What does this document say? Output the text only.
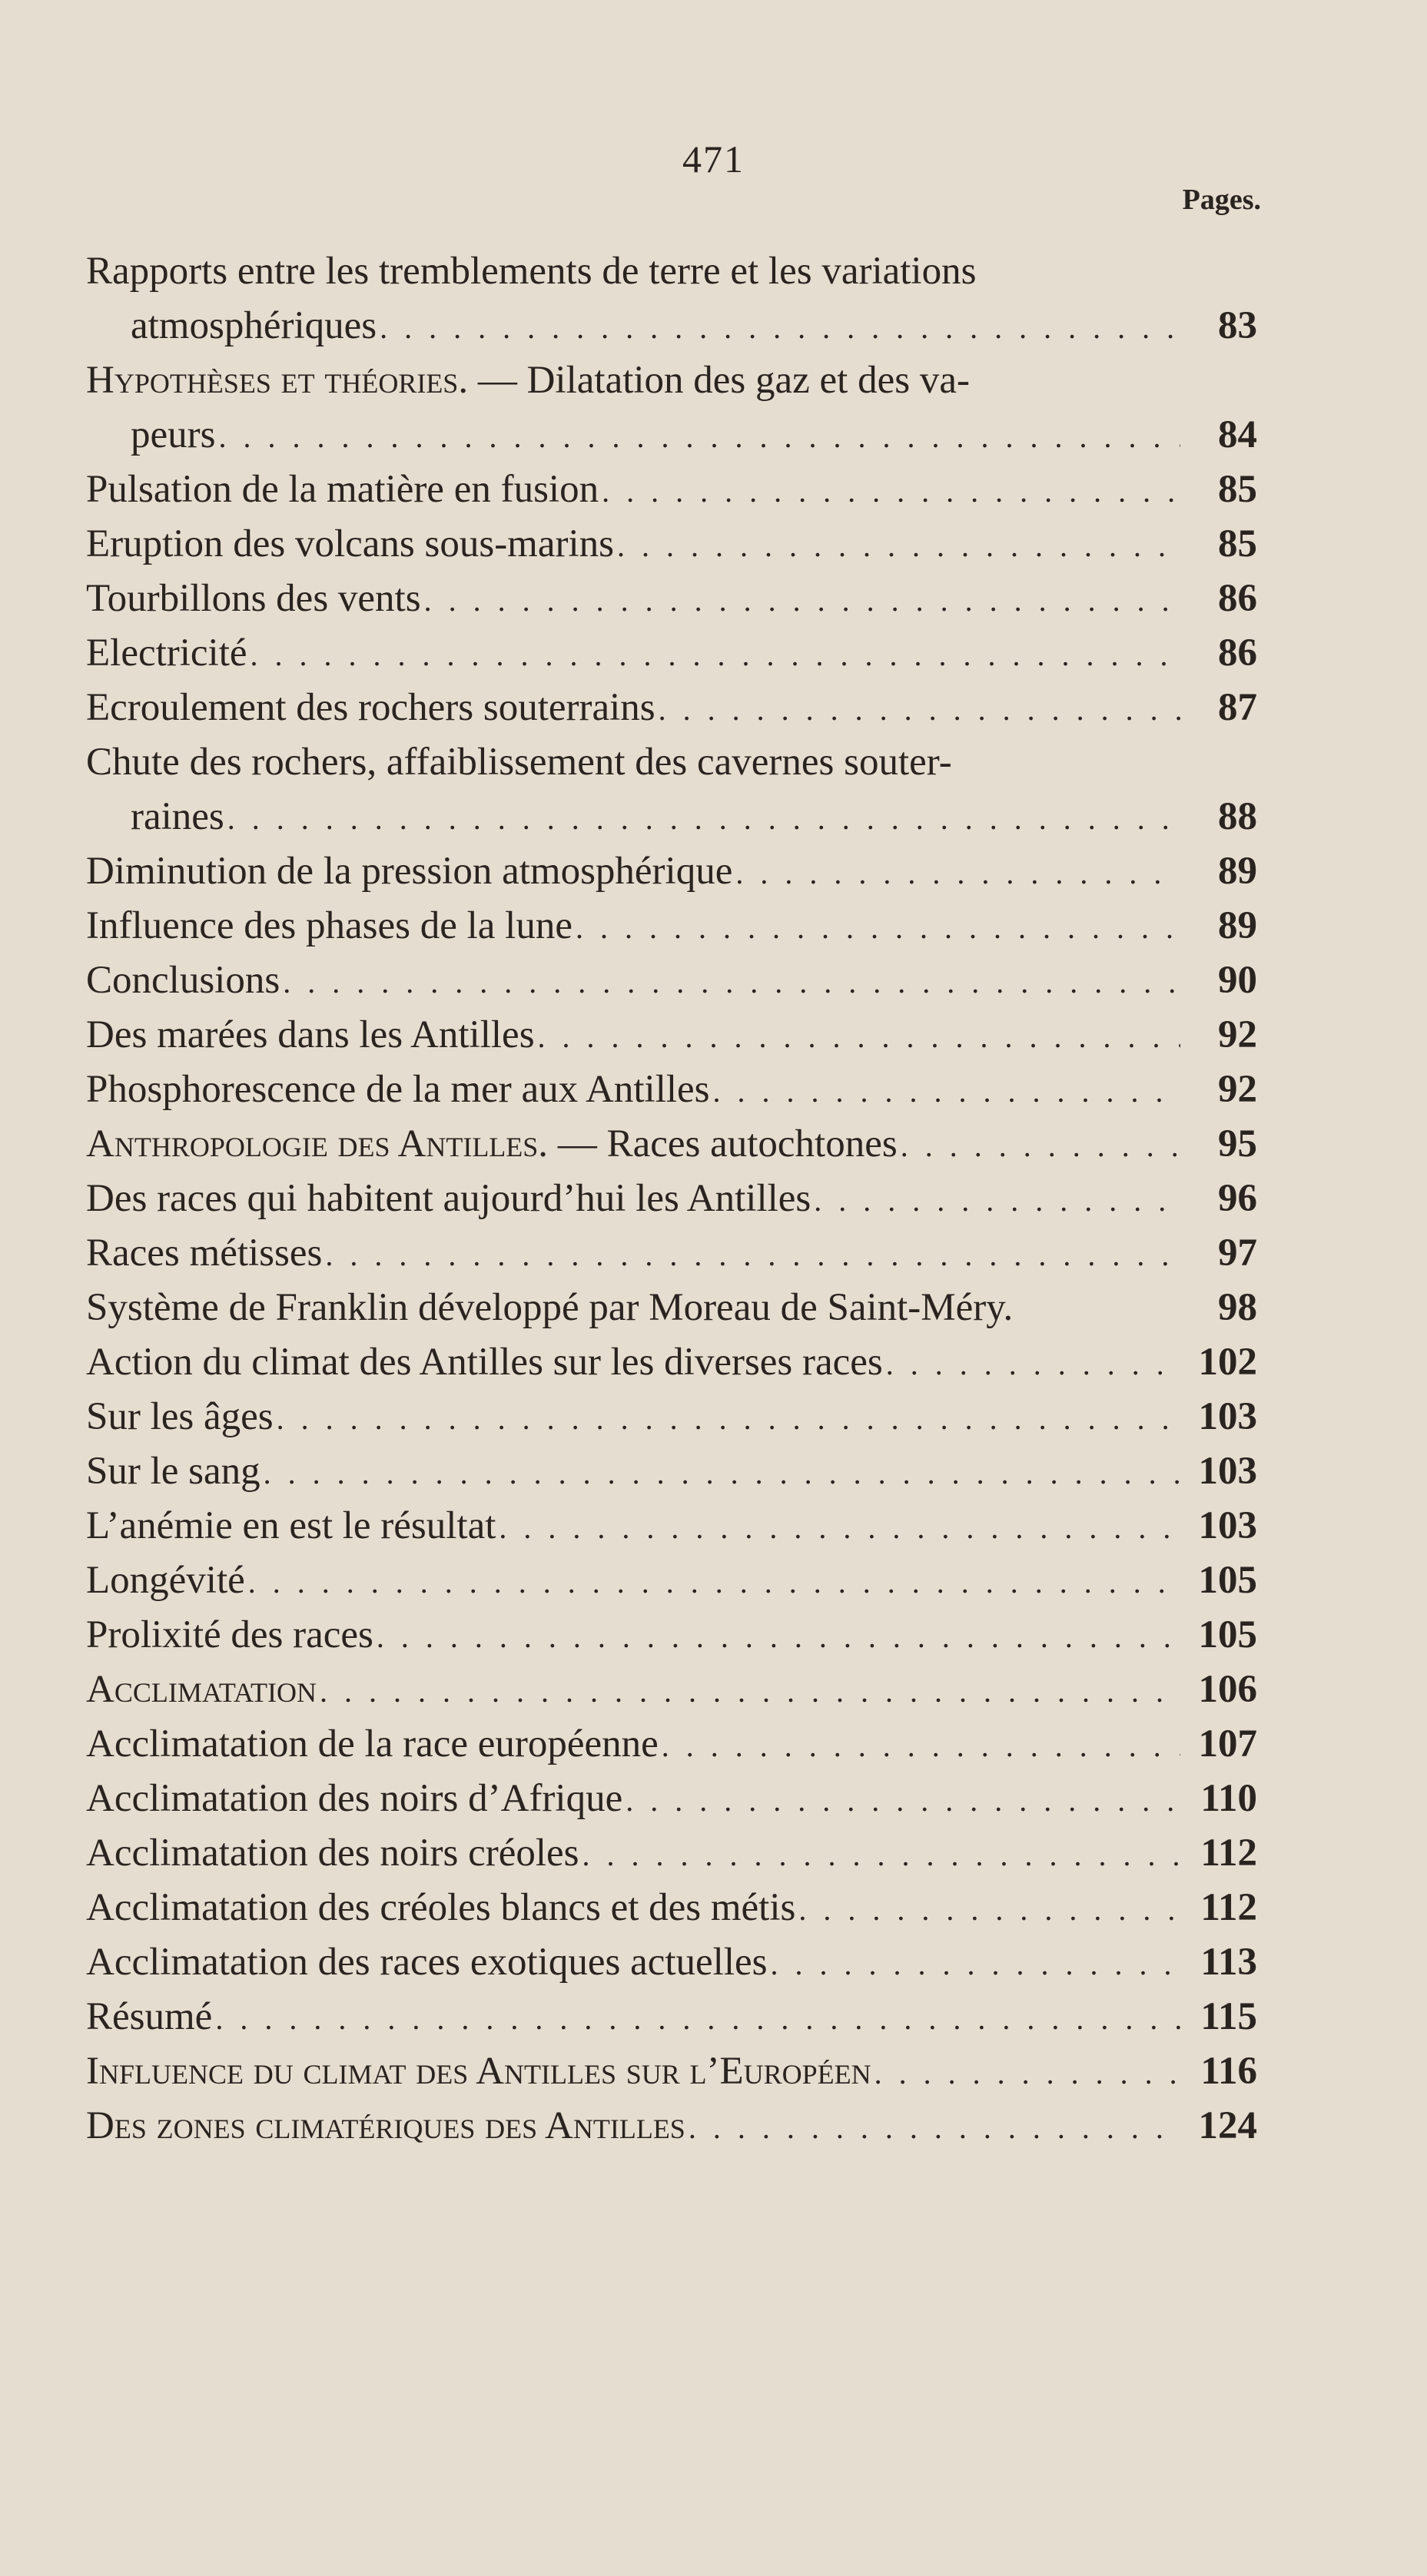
471
Pages.
Rapports entre les tremblements de terre et les variations
atmosphériques . . .	83
Hypothèses et théories. — Dilatation des gaz et des va-
peurs . . .	84
Pulsation de la matière en fusion . . .	85
Eruption des volcans sous-marins . . .	85
Tourbillons des vents . . .	86
Electricité . . .	86
Ecroulement des rochers souterrains . . .	87
Chute des rochers, affaiblissement des cavernes souter-
raines . . .	88
Diminution de la pression atmosphérique . . .	89
Influence des phases de la lune . . .	89
Conclusions . . .	90
Des marées dans les Antilles . . .	92
Phosphorescence de la mer aux Antilles . . .	92
Anthropologie des Antilles. — Races autochtones . . .	95
Des races qui habitent aujourd’hui les Antilles . . .	96
Races métisses . . .	97
Système de Franklin développé par Moreau de Saint-Méry.	98
Action du climat des Antilles sur les diverses races . . .	102
Sur les âges . . .	103
Sur le sang . . .	103
L’anémie en est le résultat . . .	103
Longévité . . .	105
Prolixité des races . . .	105
Acclimatation . . .	106
Acclimatation de la race européenne . . .	107
Acclimatation des noirs d’Afrique . . .	110
Acclimatation des noirs créoles . . .	112
Acclimatation des créoles blancs et des métis . . .	112
Acclimatation des races exotiques actuelles . . .	113
Résumé . . .	115
Influence du climat des Antilles sur l’Européen . . .	116
Des zones climatériques des Antilles . . .	124
